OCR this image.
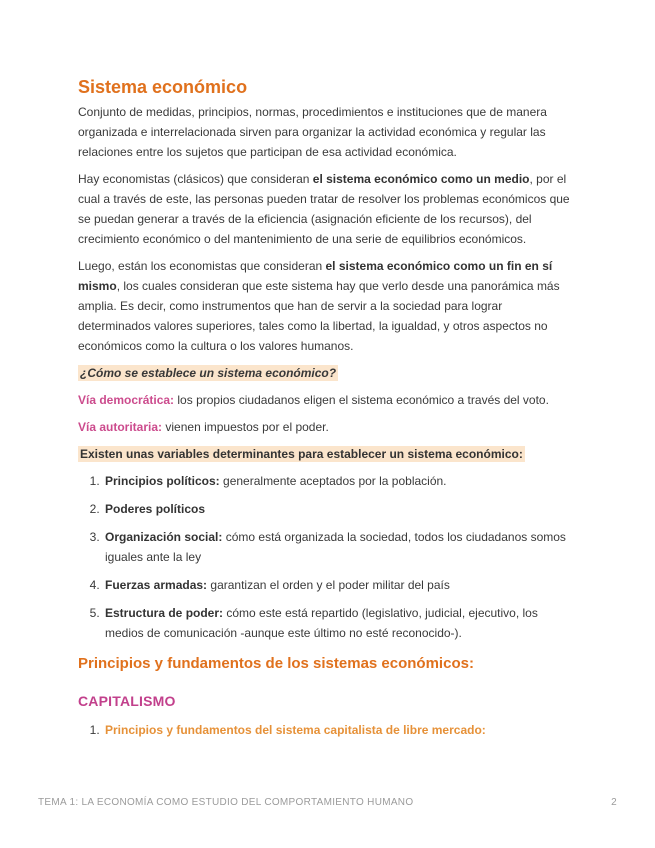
Sistema económico

Conjunto de medidas, principios, normas, procedimientos e instituciones que de manera organizada e interrelacionada sirven para organizar la actividad económica y regular las relaciones entre los sujetos que participan de esa actividad económica.

Hay economistas (clásicos) que consideran el sistema económico como un medio, por el cual a través de este, las personas pueden tratar de resolver los problemas económicos que se puedan generar a través de la eficiencia (asignación eficiente de los recursos), del crecimiento económico o del mantenimiento de una serie de equilibrios económicos.

Luego, están los economistas que consideran el sistema económico como un fin en sí mismo, los cuales consideran que este sistema hay que verlo desde una panorámica más amplia. Es decir, como instrumentos que han de servir a la sociedad para lograr determinados valores superiores, tales como la libertad, la igualdad, y otros aspectos no económicos como la cultura o los valores humanos.

¿Cómo se establece un sistema económico?

Vía democrática: los propios ciudadanos eligen el sistema económico a través del voto.

Vía autoritaria: vienen impuestos por el poder.

Existen unas variables determinantes para establecer un sistema económico:

1. Principios políticos: generalmente aceptados por la población.
2. Poderes políticos
3. Organización social: cómo está organizada la sociedad, todos los ciudadanos somos iguales ante la ley
4. Fuerzas armadas: garantizan el orden y el poder militar del país
5. Estructura de poder: cómo este está repartido (legislativo, judicial, ejecutivo, los medios de comunicación -aunque este último no esté reconocido-).
Principios y fundamentos de los sistemas económicos:
CAPITALISMO
1. Principios y fundamentos del sistema capitalista de libre mercado:
TEMA 1: LA ECONOMÍA COMO ESTUDIO DEL COMPORTAMIENTO HUMANO	2
